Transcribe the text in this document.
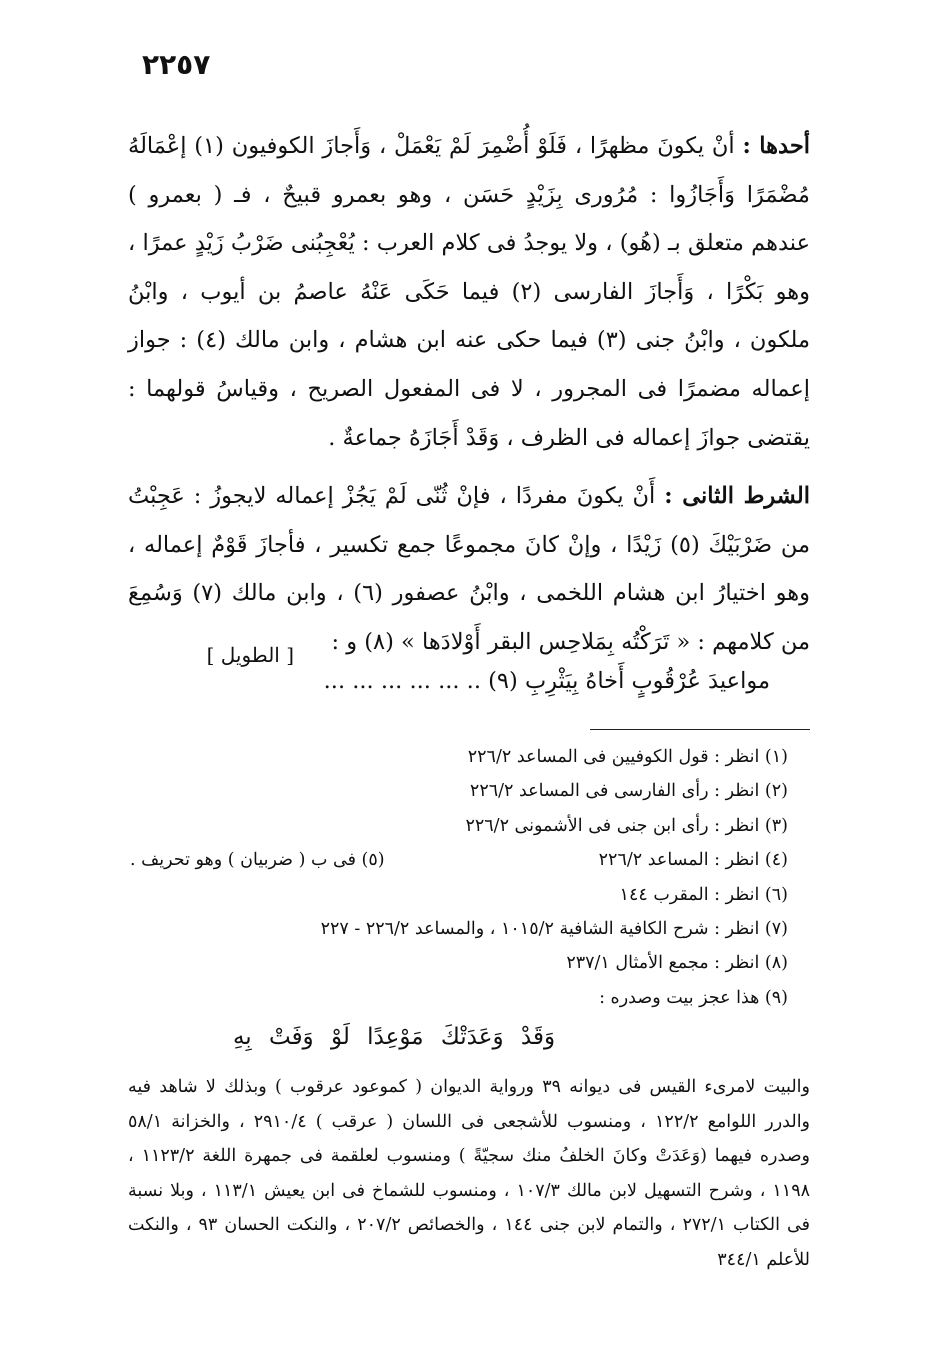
٢٢٥٧

أحدها : أنْ يكونَ مظهرًا ، فَلَوْ أُضْمِرَ لَمْ يَعْمَلْ ، وَأَجازَ الكوفيون (١) إعْمَالَهُ مُضْمَرًا وَأَجَازُوا : مُرُورى بِزَيْدٍ حَسَن ، وهو بعمرو قبيحٌ ، فـ ( بعمرو ) عندهم متعلق بـ (هُو) ، ولا يوجدُ فى كلام العرب : يُعْجِبُنى ضَرْبُ زَيْدٍ عمرًا ، وهو بَكْرًا ، وَأَجازَ الفارسى (٢) فيما حَكَى عَنْهُ عاصمُ بن أيوب ، وابْنُ ملكون ، وابْنُ جنى (٣) فيما حكى عنه ابن هشام ، وابن مالك (٤) : جواز إعماله مضمرًا فى المجرور ، لا فى المفعول الصريح ، وقياسُ قولهما : يقتضى جوازَ إعماله فى الظرف ، وَقَدْ أَجَازَهُ جماعةٌ .

الشرط الثانى : أَنْ يكونَ مفردًا ، فإنْ ثُنّى لَمْ يَجُزْ إعماله لايجوزُ : عَجِبْتُ من ضَرْبَيْكَ (٥) زَيْدًا ، وإنْ كانَ مجموعًا جمع تكسير ، فأجازَ قَوْمٌ إعماله ، وهو اختيارُ ابن هشام اللخمى ، وابْنُ عصفور (٦) ، وابن مالك (٧) وَسُمِعَ من كلامهم : « تَرَكْتُه بِمَلاحِس البقر أَوْلادَها » (٨) و :

[ الطويل ]
مواعيدَ عُرْقُوبٍ أَخاهُ بِيَثْرِبِ (٩) .. ... ... ... ... ...
(١) انظر : قول الكوفيين فى المساعد ٢٢٦/٢
(٢) انظر : رأى الفارسى فى المساعد ٢٢٦/٢
(٣) انظر : رأى ابن جنى فى الأشمونى ٢٢٦/٢
(٤) انظر : المساعد ٢٢٦/٢
(٥) فى ب ( ضربيان ) وهو تحريف .
(٦) انظر : المقرب ١٤٤
(٧) انظر : شرح الكافية الشافية ١٠١٥/٢ ، والمساعد ٢٢٦/٢ - ٢٢٧
(٨) انظر : مجمع الأمثال ٢٣٧/١
(٩) هذا عجز بيت وصدره :
وَقَدْ وَعَدَتْكَ مَوْعِدًا لَوْ وَفَتْ بِهِ

والبيت لامرىء القيس فى ديوانه ٣٩ ورواية الديوان ( كموعود عرقوب ) وبذلك لا شاهد فيه والدرر اللوامع ١٢٢/٢ ، ومنسوب للأشجعى فى اللسان ( عرقب ) ٢٩١٠/٤ ، والخزانة ٥٨/١ وصدره فيهما (وَعَدَتْ وكانَ الخلفُ منك سجيّةً ) ومنسوب لعلقمة فى جمهرة اللغة ١١٢٣/٢ ، ١١٩٨ ، وشرح التسهيل لابن مالك ١٠٧/٣ ، ومنسوب للشماخ فى ابن يعيش ١١٣/١ ، وبلا نسبة فى الكتاب ٢٧٢/١ ، والتمام لابن جنى ١٤٤ ، والخصائص ٢٠٧/٢ ، والنكت الحسان ٩٣ ، والنكت للأعلم ٣٤٤/١
